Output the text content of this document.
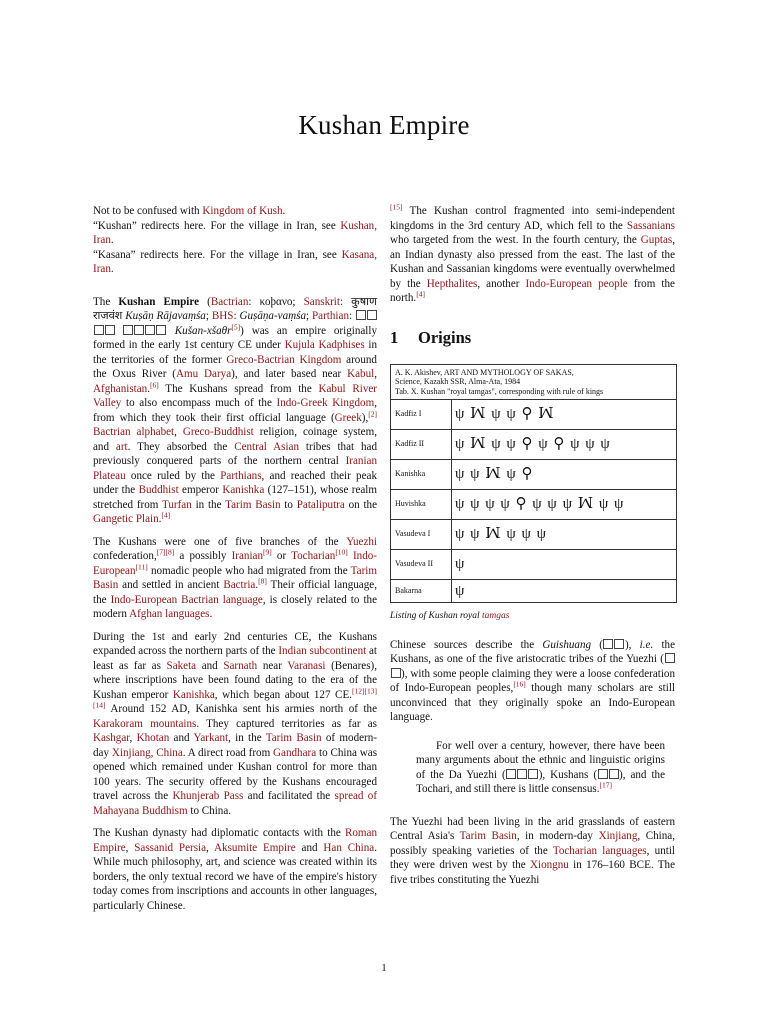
Kushan Empire
Not to be confused with Kingdom of Kush.
“Kushan” redirects here. For the village in Iran, see Kushan, Iran.
“Kasana” redirects here. For the village in Iran, see Kasana, Iran.

The Kushan Empire (Bactrian: κοϸανο; Sanskrit: कुषाण राजवंश Kuṣāṇ Rājavaṃśa; BHS: Guṣāṇa-vaṃśa; Parthian:   Kušan-xšaθr[5]) was an empire originally formed in the early 1st century CE under Kujula Kadphises in the territories of the former Greco-Bactrian Kingdom around the Oxus River (Amu Darya), and later based near Kabul, Afghanistan.[6] The Kushans spread from the Kabul River Valley to also encompass much of the Indo-Greek Kingdom, from which they took their first official language (Greek),[2] Bactrian alphabet, Greco-Buddhist religion, coinage system, and art. They absorbed the Central Asian tribes that had previously conquered parts of the northern central Iranian Plateau once ruled by the Parthians, and reached their peak under the Buddhist emperor Kanishka (127–151), whose realm stretched from Turfan in the Tarim Basin to Pataliputra on the Gangetic Plain.[4]

The Kushans were one of five branches of the Yuezhi confederation,[7][8] a possibly Iranian[9] or Tocharian[10] Indo-European[11] nomadic people who had migrated from the Tarim Basin and settled in ancient Bactria.[8] Their official language, the Indo-European Bactrian language, is closely related to the modern Afghan languages.

During the 1st and early 2nd centuries CE, the Kushans expanded across the northern parts of the Indian subcontinent at least as far as Saketa and Sarnath near Varanasi (Benares), where inscriptions have been found dating to the era of the Kushan emperor Kanishka, which began about 127 CE.[12][13][14] Around 152 AD, Kanishka sent his armies north of the Karakoram mountains. They captured territories as far as Kashgar, Khotan and Yarkant, in the Tarim Basin of modern-day Xinjiang, China. A direct road from Gandhara to China was opened which remained under Kushan control for more than 100 years. The security offered by the Kushans encouraged travel across the Khunjerab Pass and facilitated the spread of Mahayana Buddhism to China.

The Kushan dynasty had diplomatic contacts with the Roman Empire, Sassanid Persia, Aksumite Empire and Han China. While much philosophy, art, and science was created within its borders, the only textual record we have of the empire's history today comes from inscriptions and accounts in other languages, particularly Chinese.

[15] The Kushan control fragmented into semi-independent kingdoms in the 3rd century AD, which fell to the Sassanians who targeted from the west. In the fourth century, the Guptas, an Indian dynasty also pressed from the east. The last of the Kushan and Sassanian kingdoms were eventually overwhelmed by the Hepthalites, another Indo-European people from the north.[4]

1 Origins
A. K. Akishev, ART AND MYTHOLOGY OF SAKAS,
Science, Kazakh SSR, Alma-Ata, 1984
Tab. X. Kushan "royal tamgas", corresponding with rule of kings
Kadfiz I	ψ ꟽ ψ ψ ⚲ ꟽ
Kadfiz II	ψ ꟽ ψ ψ ⚲ ψ ⚲ ψ ψ ψ
Kanishka	ψ ψ ꟽ ψ ⚲
Huvishka	ψ ψ ψ ψ ⚲ ψ ψ ψ ꟽ ψ ψ
Vasudeva I	ψ ψ ꟽ ψ ψ ψ
Vasudeva II	ψ
Bakarna	ψ
Listing of Kushan royal tamgas

Chinese sources describe the Guishuang ( ), i.e. the Kushans, as one of the five aristocratic tribes of the Yuezhi (), with some people claiming they were a loose confederation of Indo-European peoples,[16] though many scholars are still unconvinced that they originally spoke an Indo-European language.

For well over a century, however, there have been many arguments about the ethnic and linguistic origins of the Da Yuezhi (	), Kushans ( ), and the Tochari, and still there is little consensus.[17]

The Yuezhi had been living in the arid grasslands of eastern Central Asia's Tarim Basin, in modern-day Xinjiang, China, possibly speaking varieties of the Tocharian languages, until they were driven west by the Xiongnu in 176–160 BCE. The five tribes constituting the Yuezhi

1
